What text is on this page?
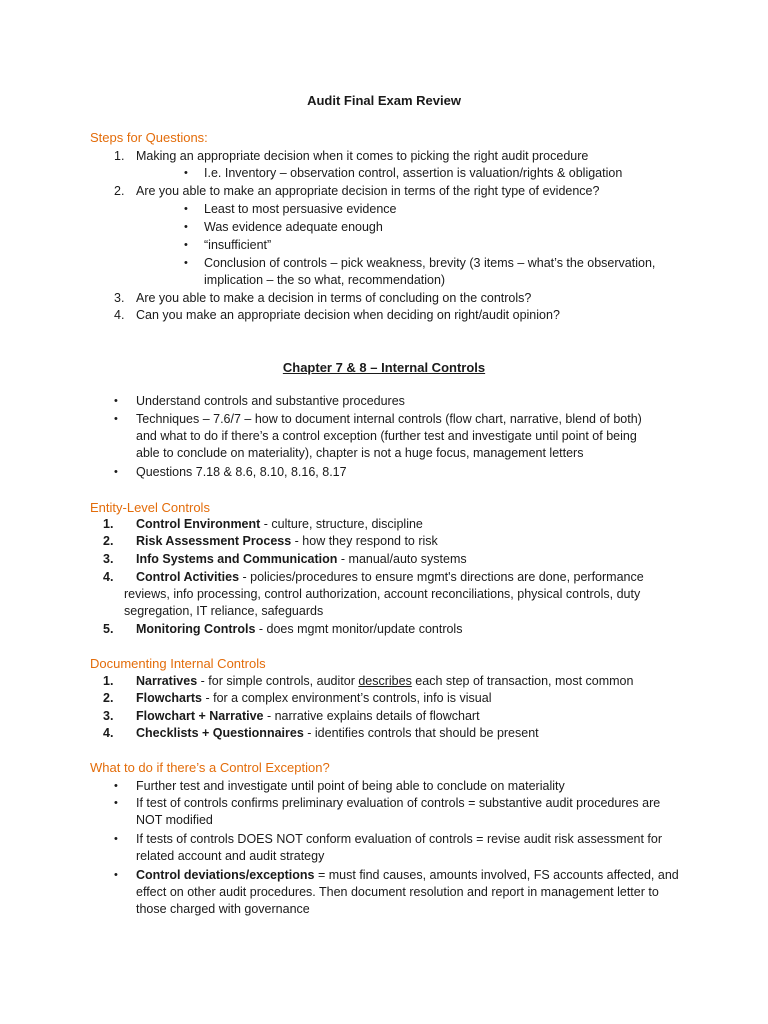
Audit Final Exam Review
Steps for Questions:
1. Making an appropriate decision when it comes to picking the right audit procedure
• I.e. Inventory – observation control, assertion is valuation/rights & obligation
2. Are you able to make an appropriate decision in terms of the right type of evidence?
• Least to most persuasive evidence
• Was evidence adequate enough
• “insufficient”
• Conclusion of controls – pick weakness, brevity (3 items – what’s the observation,
implication – the so what, recommendation)
3. Are you able to make a decision in terms of concluding on the controls?
4. Can you make an appropriate decision when deciding on right/audit opinion?
Chapter 7 & 8 – Internal Controls
• Understand controls and substantive procedures
• Techniques – 7.6/7 – how to document internal controls (flow chart, narrative, blend of both)
and what to do if there’s a control exception (further test and investigate until point of being
able to conclude on materiality), chapter is not a huge focus, management letters
• Questions 7.18 & 8.6, 8.10, 8.16, 8.17
Entity-Level Controls
1. Control Environment - culture, structure, discipline
2. Risk Assessment Process - how they respond to risk
3. Info Systems and Communication - manual/auto systems
4. Control Activities - policies/procedures to ensure mgmt's directions are done, performance
reviews, info processing, control authorization, account reconciliations, physical controls, duty
segregation, IT reliance, safeguards
5. Monitoring Controls - does mgmt monitor/update controls
Documenting Internal Controls
1. Narratives - for simple controls, auditor describes each step of transaction, most common
2. Flowcharts - for a complex environment’s controls, info is visual
3. Flowchart + Narrative - narrative explains details of flowchart
4. Checklists + Questionnaires - identifies controls that should be present
What to do if there’s a Control Exception?
• Further test and investigate until point of being able to conclude on materiality
• If test of controls confirms preliminary evaluation of controls = substantive audit procedures are
NOT modified
• If tests of controls DOES NOT conform evaluation of controls = revise audit risk assessment for
related account and audit strategy
• Control deviations/exceptions = must find causes, amounts involved, FS accounts affected, and
effect on other audit procedures. Then document resolution and report in management letter to
those charged with governance
